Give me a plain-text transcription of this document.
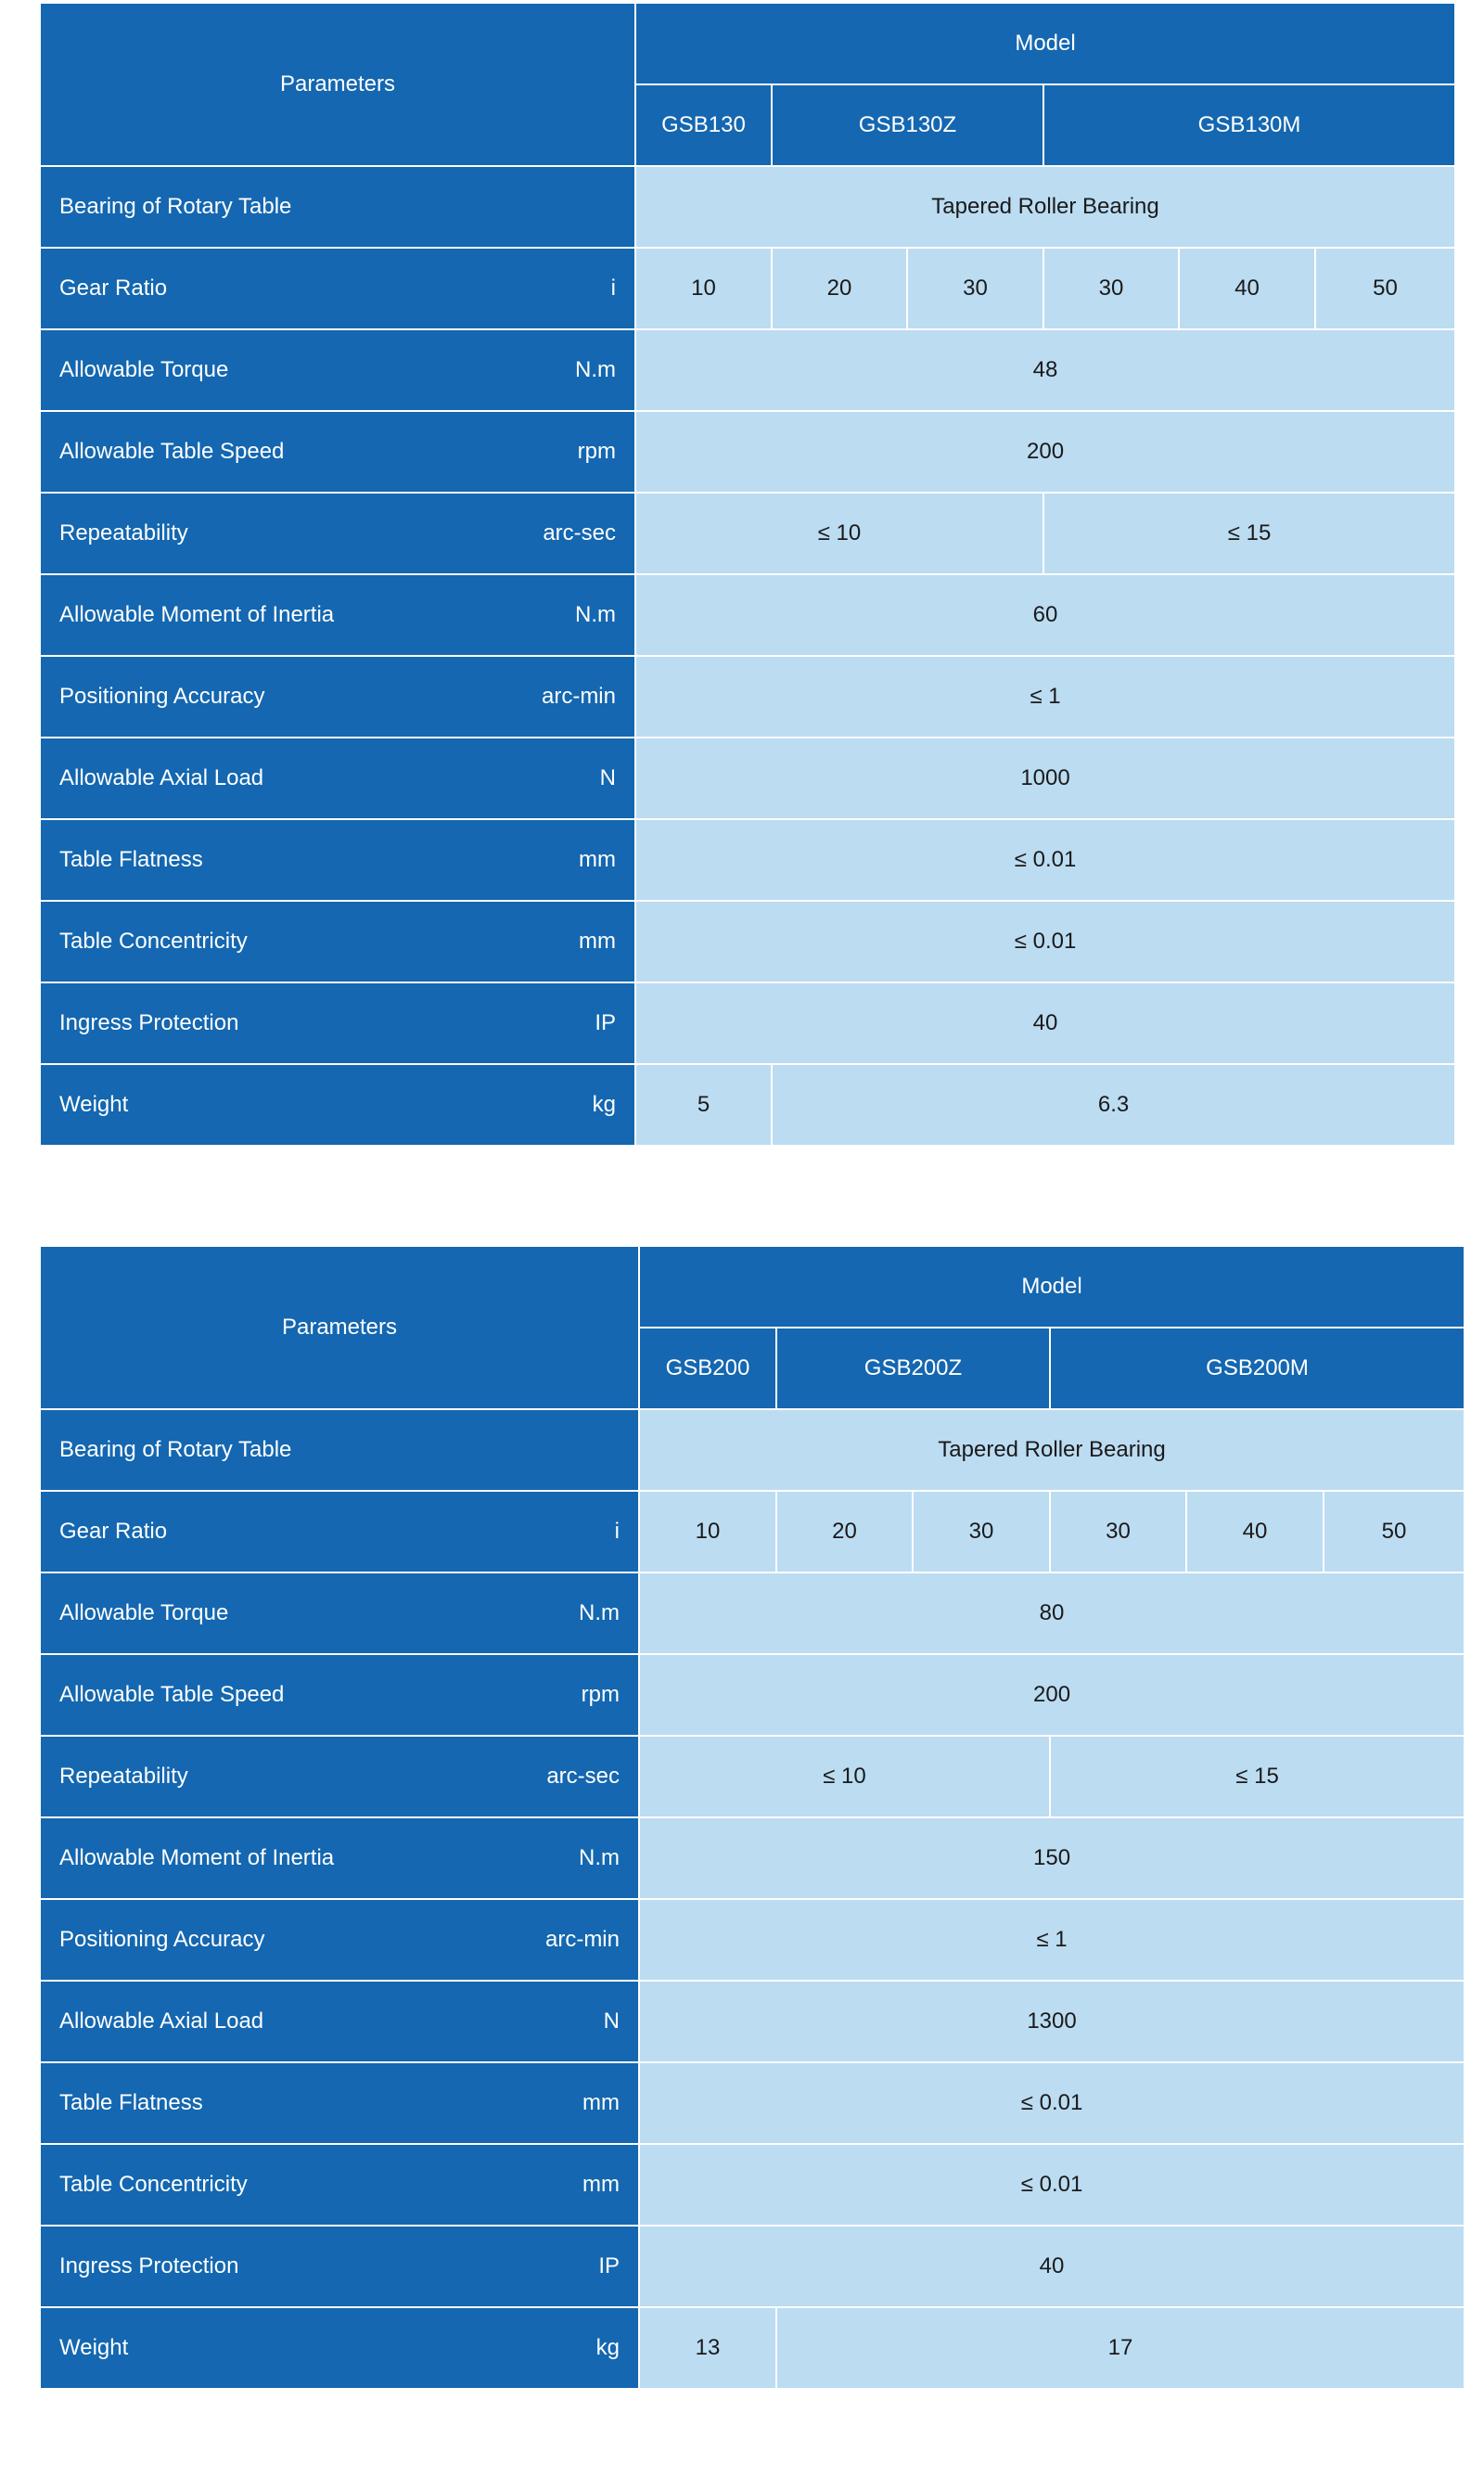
Parameters	Model					
	GSB130	GSB130Z		GSB130M		

Bearing of Rotary Table	Tapered Roller Bearing					

Gear Ratio i	10	20	30	30	40	50

Allowable Torque N.m	48					

Allowable Table Speed rpm	200					

Repeatability arc-sec	≤ 10			≤ 15		

Allowable Moment of Inertia N.m	60					

Positioning Accuracy arc-min	≤ 1					

Allowable Axial Load N	1000					

Table Flatness mm	≤ 0.01					

Table Concentricity mm	≤ 0.01					

Ingress Protection IP	40					

Weight kg	5	6.3				
Parameters	Model					
	GSB200	GSB200Z		GSB200M		

Bearing of Rotary Table	Tapered Roller Bearing					

Gear Ratio i	10	20	30	30	40	50

Allowable Torque N.m	80					

Allowable Table Speed rpm	200					

Repeatability arc-sec	≤ 10			≤ 15		

Allowable Moment of Inertia N.m	150					

Positioning Accuracy arc-min	≤ 1					

Allowable Axial Load N	1300					

Table Flatness mm	≤ 0.01					

Table Concentricity mm	≤ 0.01					

Ingress Protection IP	40					

Weight kg	13	17				
